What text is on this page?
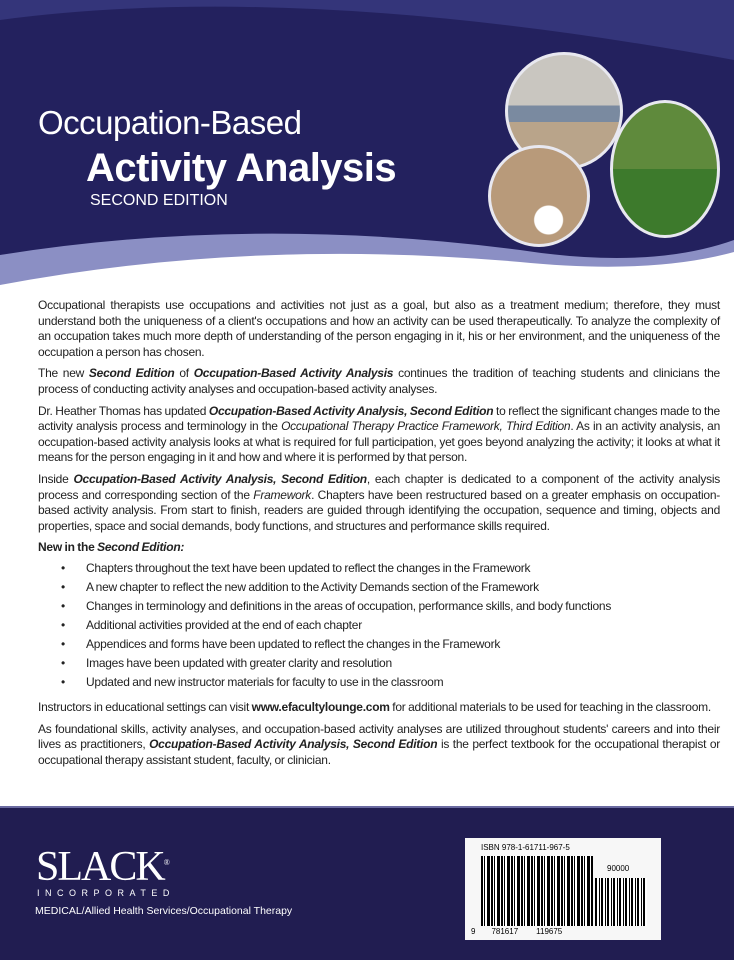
Occupation-Based
Activity Analysis
SECOND EDITION

Occupational therapists use occupations and activities not just as a goal, but also as a treatment medium; therefore, they must understand both the uniqueness of a client's occupations and how an activity can be used therapeutically. To analyze the complexity of an occupation takes much more depth of understanding of the person engaging in it, his or her environment, and the uniqueness of the occupation a person has chosen.

The new Second Edition of Occupation-Based Activity Analysis continues the tradition of teaching students and clinicians the process of conducting activity analyses and occupation-based activity analyses.

Dr. Heather Thomas has updated Occupation-Based Activity Analysis, Second Edition to reflect the significant changes made to the activity analysis process and terminology in the Occupational Therapy Practice Framework, Third Edition. As in an activity analysis, an occupation-based activity analysis looks at what is required for full participation, yet goes beyond analyzing the activity; it looks at what it means for the person engaging in it and how and where it is performed by that person.

Inside Occupation-Based Activity Analysis, Second Edition, each chapter is dedicated to a component of the activity analysis process and corresponding section of the Framework. Chapters have been restructured based on a greater emphasis on occupation-based activity analysis. From start to finish, readers are guided through identifying the occupation, sequence and timing, objects and properties, space and social demands, body functions, and structures and performance skills required.

New in the Second Edition:
• Chapters throughout the text have been updated to reflect the changes in the Framework
• A new chapter to reflect the new addition to the Activity Demands section of the Framework
• Changes in terminology and definitions in the areas of occupation, performance skills, and body functions
• Additional activities provided at the end of each chapter
• Appendices and forms have been updated to reflect the changes in the Framework
• Images have been updated with greater clarity and resolution
• Updated and new instructor materials for faculty to use in the classroom

Instructors in educational settings can visit www.efacultylounge.com for additional materials to be used for teaching in the classroom.

As foundational skills, activity analyses, and occupation-based activity analyses are utilized throughout students' careers and into their lives as practitioners, Occupation-Based Activity Analysis, Second Edition is the perfect textbook for the occupational therapist or occupational therapy assistant student, faculty, or clinician.

SLACK®
INCORPORATED
MEDICAL/Allied Health Services/Occupational Therapy
ISBN 978-1-61711-967-5
90000
9 781617 119675
